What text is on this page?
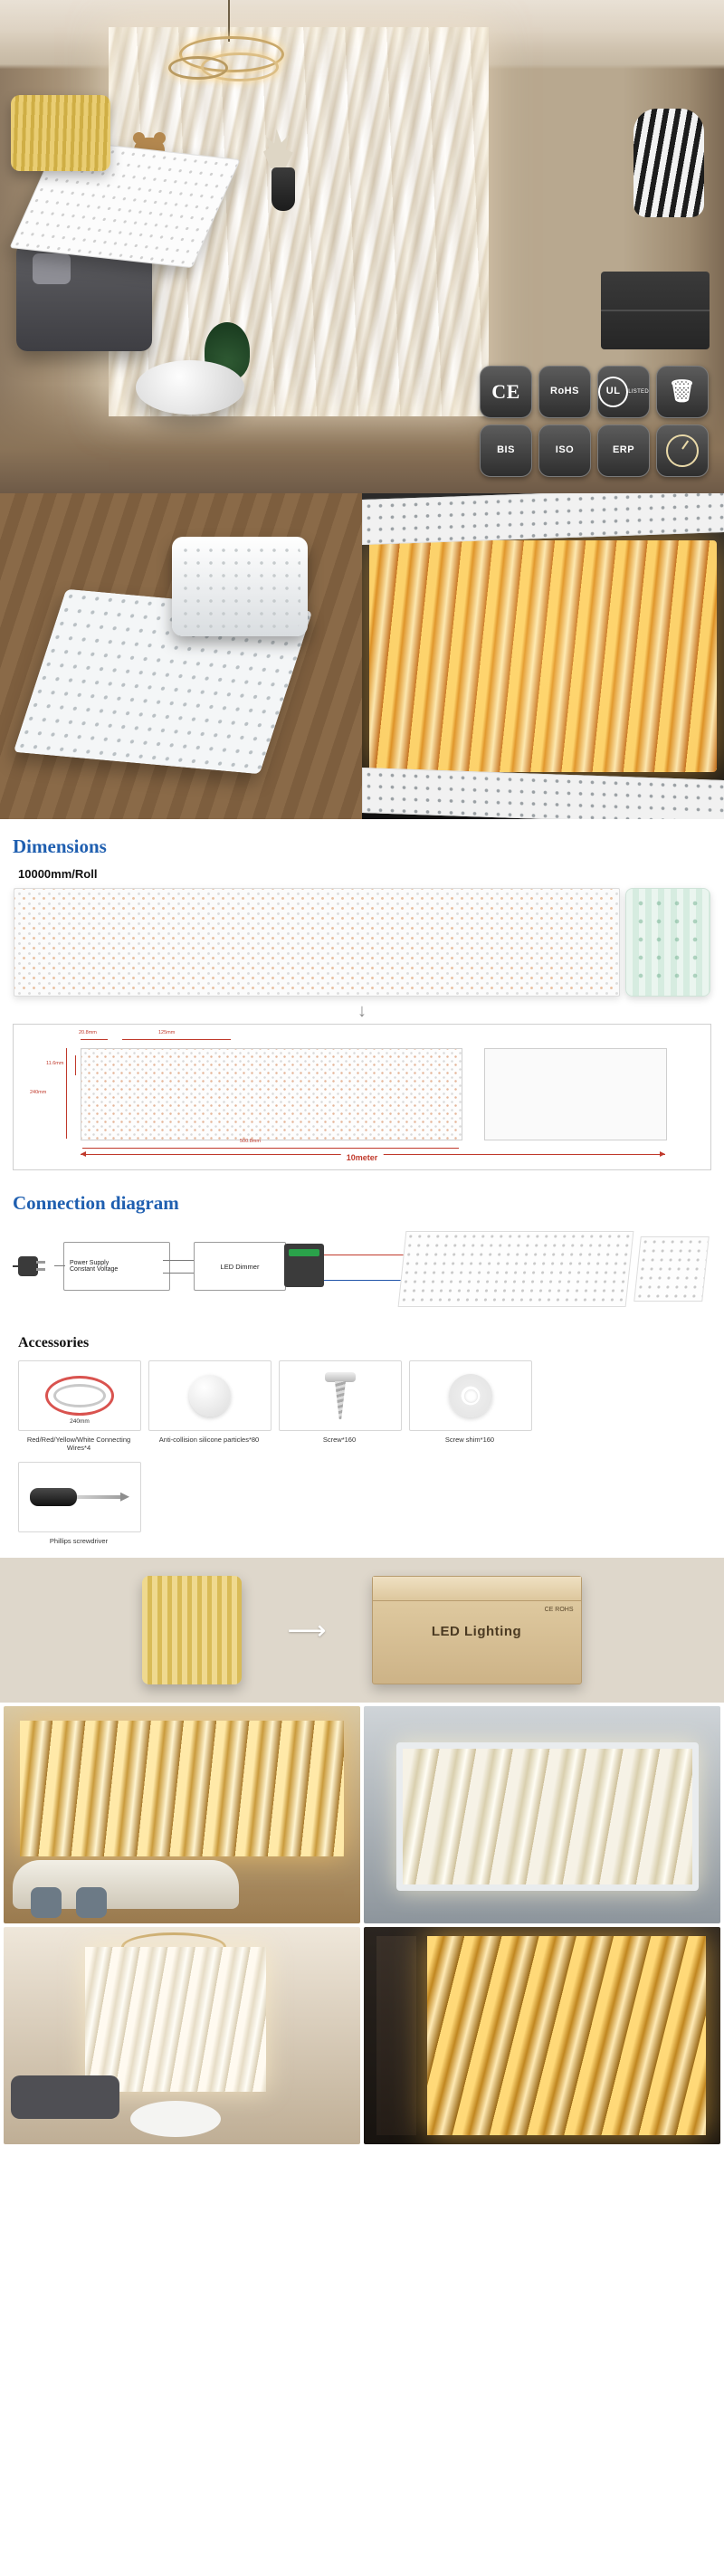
CE	RoHS	UL	LISTED 🗑
BIS	ISO	ERP
Dimensions
10000mm/Roll
↓
20.8mm	125mm
240mm
11.6mm
500.8mm
10meter
Connection diagram
Power Supply
Constant Voltage	LED Dimmer
Accessories
240mm
Red/Red/Yellow/White Connecting Wires*4
Anti-collision silicone particles*80	Screw*160	Screw shim*160
Phillips screwdriver
⟶
CE ROHS
LED Lighting
